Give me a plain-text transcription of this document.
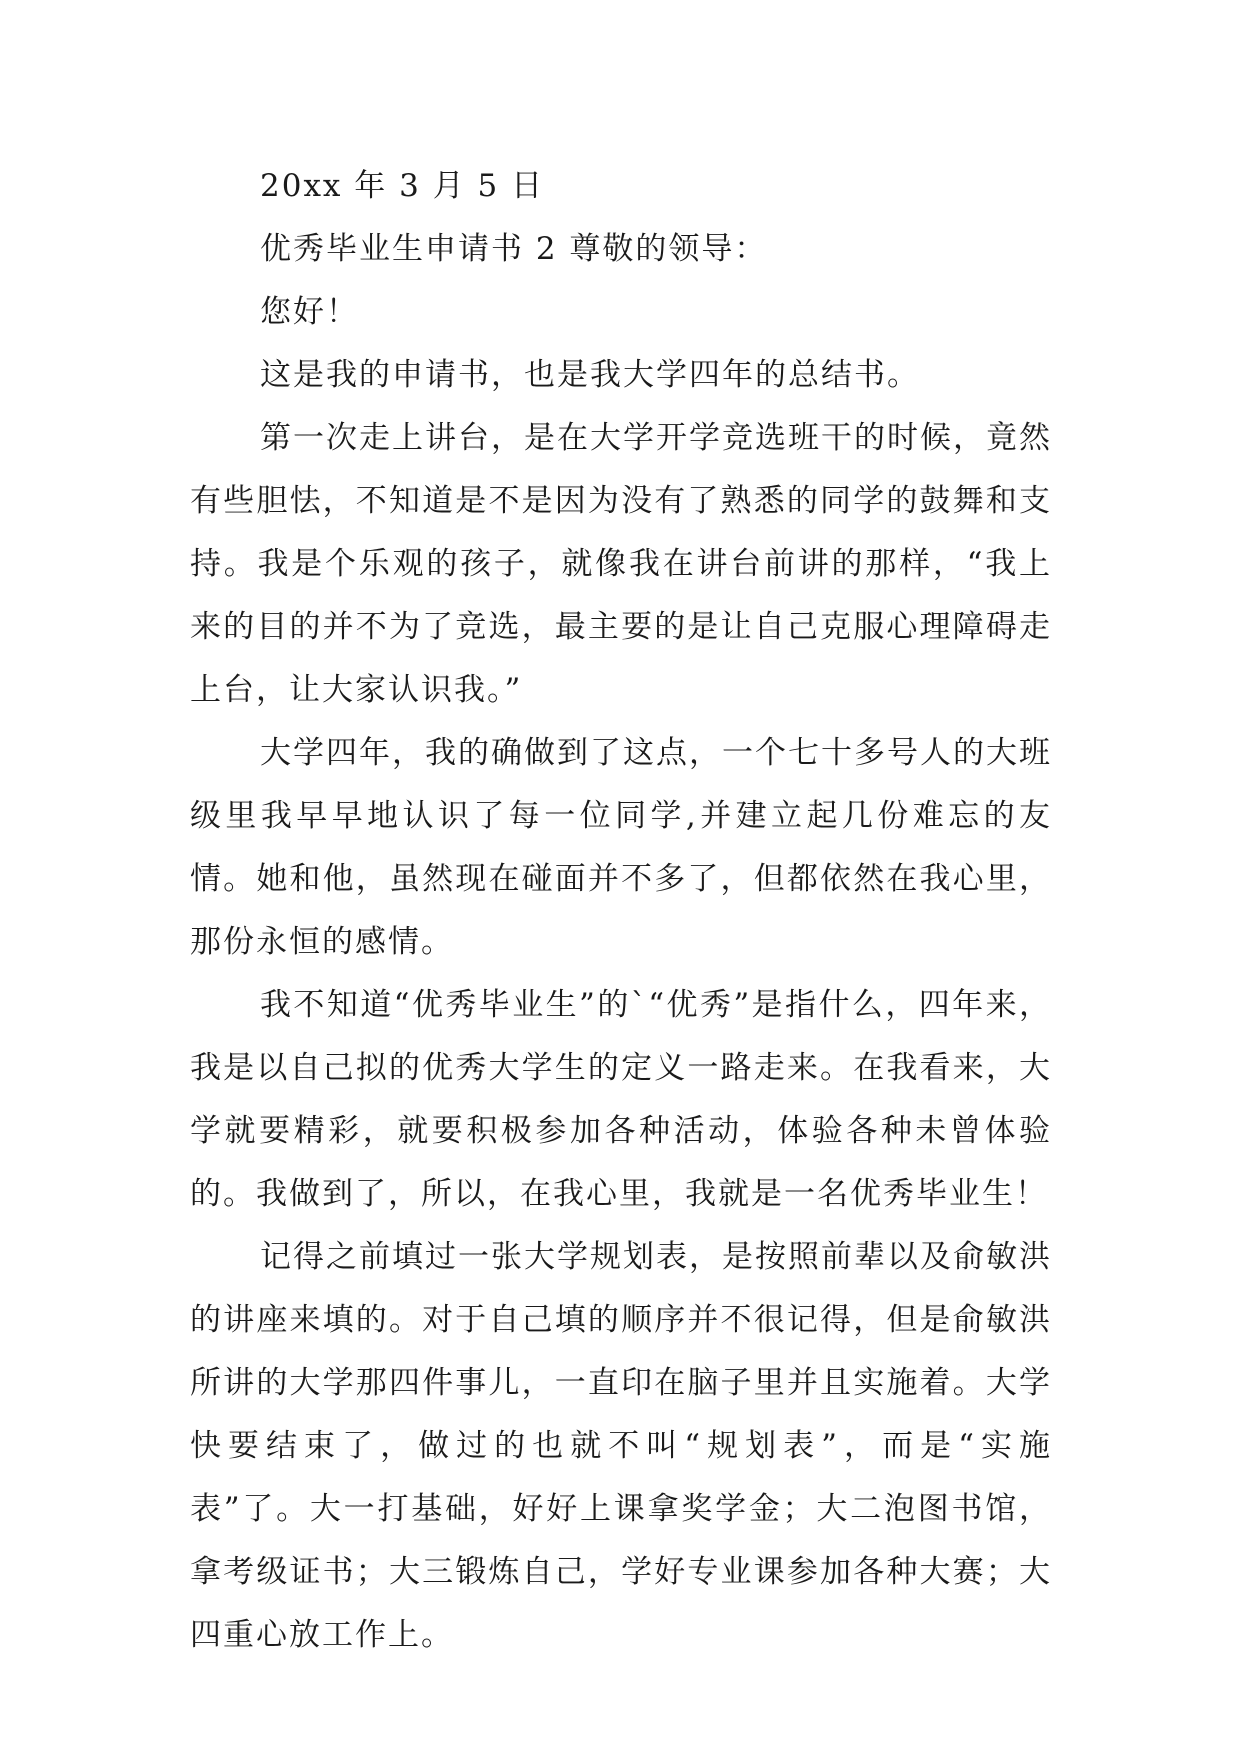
20xx 年 3 月 5 日

优秀毕业生申请书 2 尊敬的领导：

您好！

这是我的申请书，也是我大学四年的总结书。

第一次走上讲台，是在大学开学竞选班干的时候，竟然有些胆怯，不知道是不是因为没有了熟悉的同学的鼓舞和支持。我是个乐观的孩子，就像我在讲台前讲的那样，“我上来的目的并不为了竞选，最主要的是让自己克服心理障碍走上台，让大家认识我。”

大学四年，我的确做到了这点，一个七十多号人的大班级里我早早地认识了每一位同学,并建立起几份难忘的友情。她和他，虽然现在碰面并不多了，但都依然在我心里，那份永恒的感情。

我不知道“优秀毕业生”的`“优秀”是指什么，四年来，我是以自己拟的优秀大学生的定义一路走来。在我看来，大学就要精彩，就要积极参加各种活动，体验各种未曾体验的。我做到了，所以，在我心里，我就是一名优秀毕业生！

记得之前填过一张大学规划表，是按照前辈以及俞敏洪的讲座来填的。对于自己填的顺序并不很记得，但是俞敏洪所讲的大学那四件事儿，一直印在脑子里并且实施着。大学快要结束了，做过的也就不叫“规划表”，而是“实施表”了。大一打基础，好好上课拿奖学金；大二泡图书馆，拿考级证书；大三锻炼自己，学好专业课参加各种大赛；大四重心放工作上。
